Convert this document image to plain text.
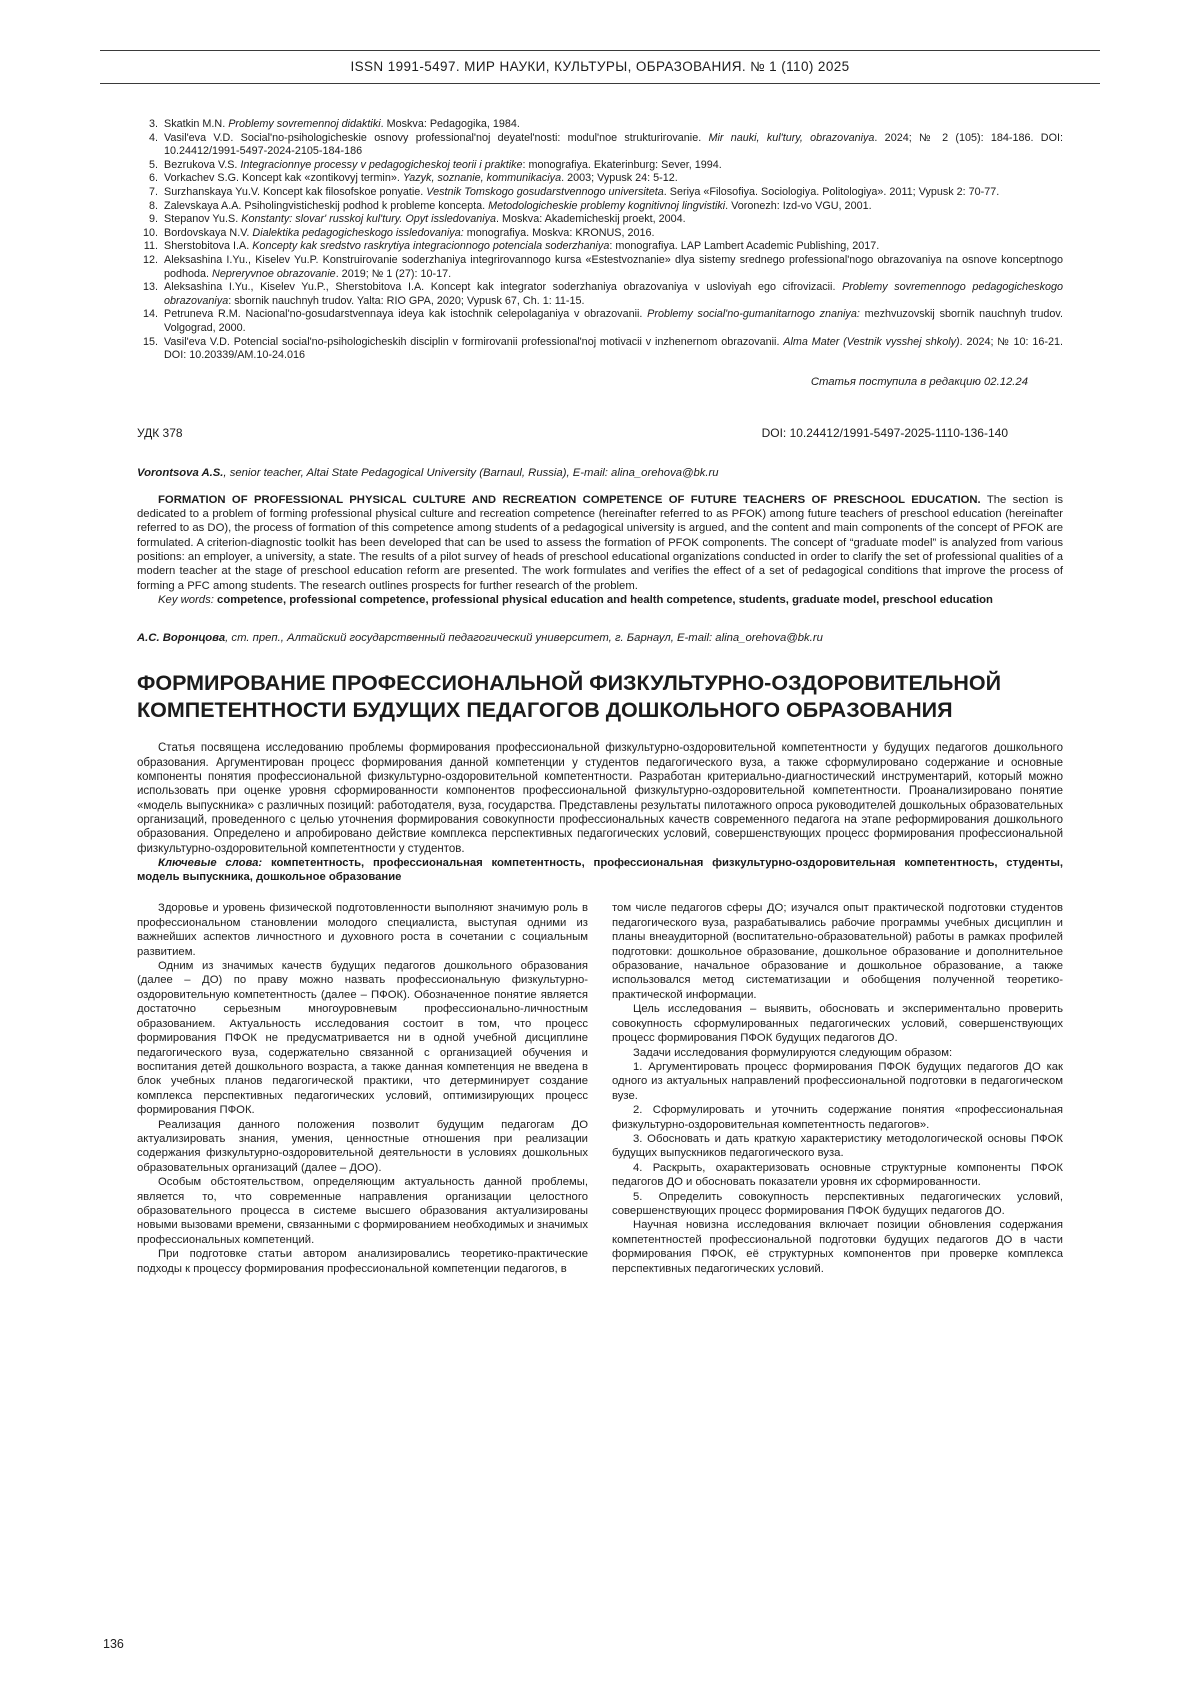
ISSN 1991-5497. МИР НАУКИ, КУЛЬТУРЫ, ОБРАЗОВАНИЯ. № 1 (110) 2025
3. Skatkin M.N. Problemy sovremennoj didaktiki. Moskva: Pedagogika, 1984.
4. Vasil'eva V.D. Social'no-psihologicheskie osnovy professional'noj deyatel'nosti: modul'noe strukturirovanie. Mir nauki, kul'tury, obrazovaniya. 2024; № 2 (105): 184-186. DOI: 10.24412/1991-5497-2024-2105-184-186
5. Bezrukova V.S. Integracionnye processy v pedagogicheskoj teorii i praktike: monografiya. Ekaterinburg: Sever, 1994.
6. Vorkachev S.G. Koncept kak «zontikovyj termin». Yazyk, soznanie, kommunikaciya. 2003; Vypusk 24: 5-12.
7. Surzhanskaya Yu.V. Koncept kak filosofskoe ponyatie. Vestnik Tomskogo gosudarstvennogo universiteta. Seriya «Filosofiya. Sociologiya. Politologiya». 2011; Vypusk 2: 70-77.
8. Zalevskaya A.A. Psiholingvisticheskij podhod k probleme koncepta. Metodologicheskie problemy kognitivnoj lingvistiki. Voronezh: Izd-vo VGU, 2001.
9. Stepanov Yu.S. Konstanty: slovar' russkoj kul'tury. Opyt issledovaniya. Moskva: Akademicheskij proekt, 2004.
10. Bordovskaya N.V. Dialektika pedagogicheskogo issledovaniya: monografiya. Moskva: KRONUS, 2016.
11. Sherstobitova I.A. Koncepty kak sredstvo raskrytiya integracionnogo potenciala soderzhaniya: monografiya. LAP Lambert Academic Publishing, 2017.
12. Aleksashina I.Yu., Kiselev Yu.P. Konstruirovanie soderzhaniya integrirovannogo kursa «Estestvoznanie» dlya sistemy srednego professional'nogo obrazovaniya na osnove konceptnogo podhoda. Nepreryvnoe obrazovanie. 2019; № 1 (27): 10-17.
13. Aleksashina I.Yu., Kiselev Yu.P., Sherstobitova I.A. Koncept kak integrator soderzhaniya obrazovaniya v usloviyah ego cifrovizacii. Problemy sovremennogo pedagogicheskogo obrazovaniya: sbornik nauchnyh trudov. Yalta: RIO GPA, 2020; Vypusk 67, Ch. 1: 11-15.
14. Petruneva R.M. Nacional'no-gosudarstvennaya ideya kak istochnik celepolaganiya v obrazovanii. Problemy social'no-gumanitarnogo znaniya: mezhvuzovskij sbornik nauchnyh trudov. Volgograd, 2000.
15. Vasil'eva V.D. Potencial social'no-psihologicheskih disciplin v formirovanii professional'noj motivacii v inzhenernom obrazovanii. Alma Mater (Vestnik vysshej shkoly). 2024; № 10: 16-21. DOI: 10.20339/AM.10-24.016

Статья поступила в редакцию 02.12.24

УДК 378	DOI: 10.24412/1991-5497-2025-1110-136-140

Vorontsova A.S., senior teacher, Altai State Pedagogical University (Barnaul, Russia), E-mail: alina_orehova@bk.ru

FORMATION OF PROFESSIONAL PHYSICAL CULTURE AND RECREATION COMPETENCE OF FUTURE TEACHERS OF PRESCHOOL EDUCATION. The section is dedicated to a problem of forming professional physical culture and recreation competence (hereinafter referred to as PFOK) among future teachers of preschool education (hereinafter referred to as DO), the process of formation of this competence among students of a pedagogical university is argued, and the content and main components of the concept of PFOK are formulated. A criterion-diagnostic toolkit has been developed that can be used to assess the formation of PFOK components. The concept of “graduate model” is analyzed from various positions: an employer, a university, a state. The results of a pilot survey of heads of preschool educational organizations conducted in order to clarify the set of professional qualities of a modern teacher at the stage of preschool education reform are presented. The work formulates and verifies the effect of a set of pedagogical conditions that improve the process of forming a PFC among students. The research outlines prospects for further research of the problem.

Key words: competence, professional competence, professional physical education and health competence, students, graduate model, preschool education

А.С. Воронцова, ст. преп., Алтайский государственный педагогический университет, г. Барнаул, E-mail: alina_orehova@bk.ru

ФОРМИРОВАНИЕ ПРОФЕССИОНАЛЬНОЙ ФИЗКУЛЬТУРНО-ОЗДОРОВИТЕЛЬНОЙ КОМПЕТЕНТНОСТИ БУДУЩИХ ПЕДАГОГОВ ДОШКОЛЬНОГО ОБРАЗОВАНИЯ

Статья посвящена исследованию проблемы формирования профессиональной физкультурно-оздоровительной компетентности у будущих педагогов дошкольного образования. Аргументирован процесс формирования данной компетенции у студентов педагогического вуза, а также сформулировано содержание и основные компоненты понятия профессиональной физкультурно-оздоровительной компетентности. Разработан критериально-диагностический инструментарий, который можно использовать при оценке уровня сформированности компонентов профессиональной физкультурно-оздоровительной компетентности. Проанализировано понятие «модель выпускника» с различных позиций: работодателя, вуза, государства. Представлены результаты пилотажного опроса руководителей дошкольных образовательных организаций, проведенного с целью уточнения формирования совокупности профессиональных качеств современного педагога на этапе реформирования дошкольного образования. Определено и апробировано действие комплекса перспективных педагогических условий, совершенствующих процесс формирования профессиональной физкультурно-оздоровительной компетентности у студентов.

Ключевые слова: компетентность, профессиональная компетентность, профессиональная физкультурно-оздоровительная компетентность, студенты, модель выпускника, дошкольное образование

Здоровье и уровень физической подготовленности выполняют значимую роль в профессиональном становлении молодого специалиста, выступая одними из важнейших аспектов личностного и духовного роста в сочетании с социальным развитием.

Одним из значимых качеств будущих педагогов дошкольного образования (далее – ДО) по праву можно назвать профессиональную физкультурно-оздоровительную компетентность (далее – ПФОК). Обозначенное понятие является достаточно серьезным многоуровневым профессионально-личностным образованием. Актуальность исследования состоит в том, что процесс формирования ПФОК не предусматривается ни в одной учебной дисциплине педагогического вуза, содержательно связанной с организацией обучения и воспитания детей дошкольного возраста, а также данная компетенция не введена в блок учебных планов педагогической практики, что детерминирует создание комплекса перспективных педагогических условий, оптимизирующих процесс формирования ПФОК.

Реализация данного положения позволит будущим педагогам ДО актуализировать знания, умения, ценностные отношения при реализации содержания физкультурно-оздоровительной деятельности в условиях дошкольных образовательных организаций (далее – ДОО).

Особым обстоятельством, определяющим актуальность данной проблемы, является то, что современные направления организации целостного образовательного процесса в системе высшего образования актуализированы новыми вызовами времени, связанными с формированием необходимых и значимых профессиональных компетенций.

При подготовке статьи автором анализировались теоретико-практические подходы к процессу формирования профессиональной компетенции педагогов, в

том числе педагогов сферы ДО; изучался опыт практической подготовки студентов педагогического вуза, разрабатывались рабочие программы учебных дисциплин и планы внеаудиторной (воспитательно-образовательной) работы в рамках профилей подготовки: дошкольное образование, дошкольное образование и дополнительное образование, начальное образование и дошкольное образование, а также использовался метод систематизации и обобщения полученной теоретико-практической информации.

Цель исследования – выявить, обосновать и экспериментально проверить совокупность сформулированных педагогических условий, совершенствующих процесс формирования ПФОК будущих педагогов ДО.

Задачи исследования формулируются следующим образом:

1. Аргументировать процесс формирования ПФОК будущих педагогов ДО как одного из актуальных направлений профессиональной подготовки в педагогическом вузе.

2. Сформулировать и уточнить содержание понятия «профессиональная физкультурно-оздоровительная компетентность педагогов».

3. Обосновать и дать краткую характеристику методологической основы ПФОК будущих выпускников педагогического вуза.

4. Раскрыть, охарактеризовать основные структурные компоненты ПФОК педагогов ДО и обосновать показатели уровня их сформированности.

5. Определить совокупность перспективных педагогических условий, совершенствующих процесс формирования ПФОК будущих педагогов ДО.

Научная новизна исследования включает позиции обновления содержания компетентностей профессиональной подготовки будущих педагогов ДО в части формирования ПФОК, её структурных компонентов при проверке комплекса перспективных педагогических условий.

136
